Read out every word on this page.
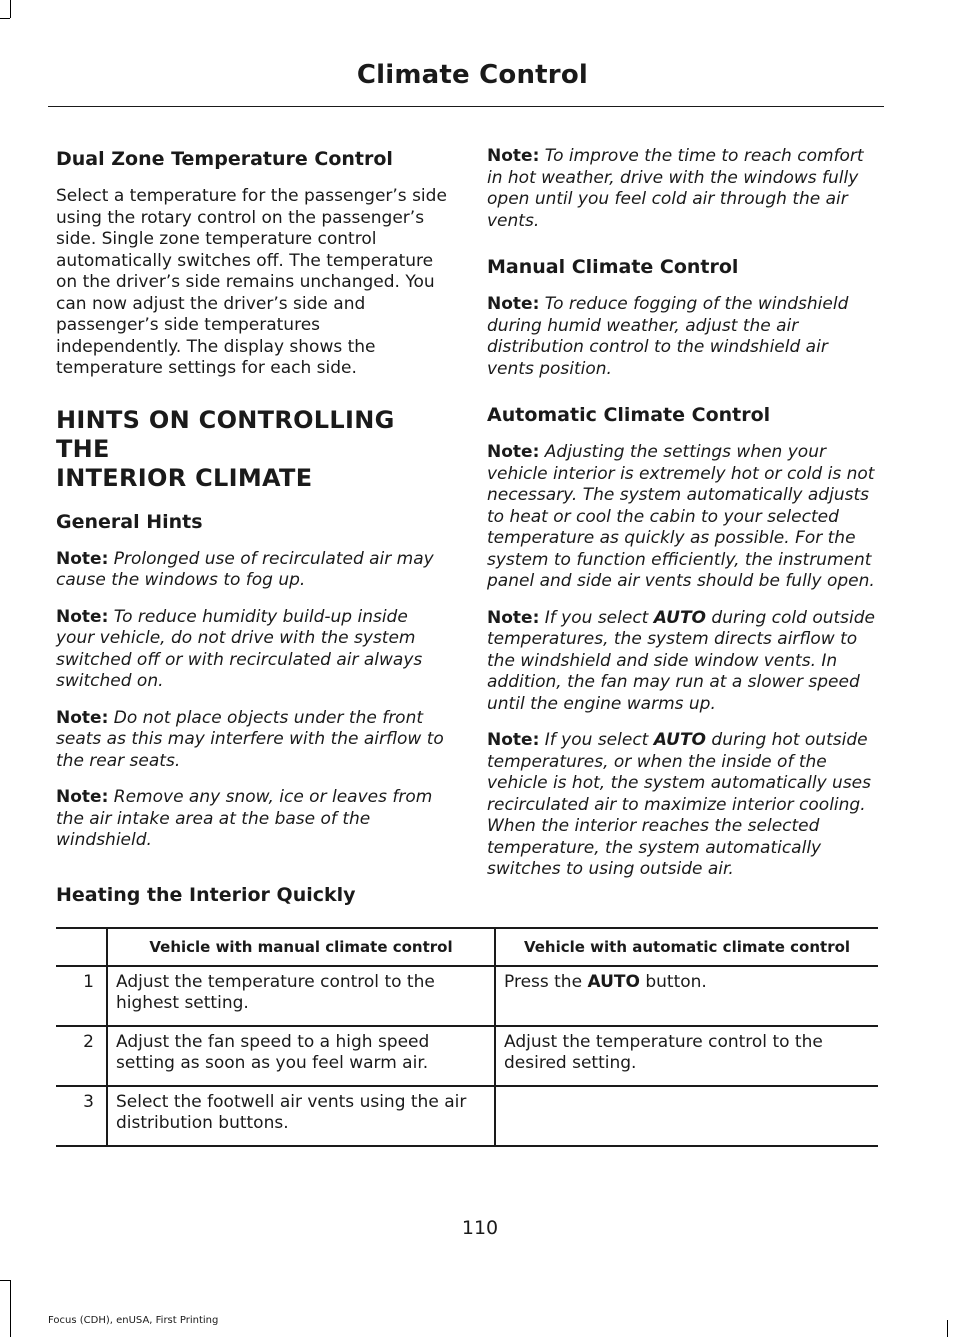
Climate Control
Dual Zone Temperature Control

Select a temperature for the passenger’s side using the rotary control on the passenger’s side. Single zone temperature control automatically switches off. The temperature on the driver’s side remains unchanged. You can now adjust the driver’s side and passenger’s side temperatures independently. The display shows the temperature settings for each side.

HINTS ON CONTROLLING THE
INTERIOR CLIMATE
General Hints

Note: Prolonged use of recirculated air may cause the windows to fog up.

Note: To reduce humidity build-up inside your vehicle, do not drive with the system switched off or with recirculated air always switched on.

Note: Do not place objects under the front seats as this may interfere with the airflow to the rear seats.

Note: Remove any snow, ice or leaves from the air intake area at the base of the windshield.

Note: To improve the time to reach comfort in hot weather, drive with the windows fully open until you feel cold air through the air vents.

Manual Climate Control

Note: To reduce fogging of the windshield during humid weather, adjust the air distribution control to the windshield air vents position.

Automatic Climate Control

Note: Adjusting the settings when your vehicle interior is extremely hot or cold is not necessary. The system automatically adjusts to heat or cool the cabin to your selected temperature as quickly as possible. For the system to function efficiently, the instrument panel and side air vents should be fully open.

Note: If you select AUTO during cold outside temperatures, the system directs airflow to the windshield and side window vents. In addition, the fan may run at a slower speed until the engine warms up.

Note: If you select AUTO during hot outside temperatures, or when the inside of the vehicle is hot, the system automatically uses recirculated air to maximize interior cooling. When the interior reaches the selected temperature, the system automatically switches to using outside air.

Heating the Interior Quickly
	Vehicle with manual climate control	Vehicle with automatic climate control
1	Adjust the temperature control to the highest setting.	Press the AUTO button.
2	Adjust the fan speed to a high speed setting as soon as you feel warm air.	Adjust the temperature control to the desired setting.
3	Select the footwell air vents using the air distribution buttons.	
110
Focus (CDH), enUSA, First Printing
